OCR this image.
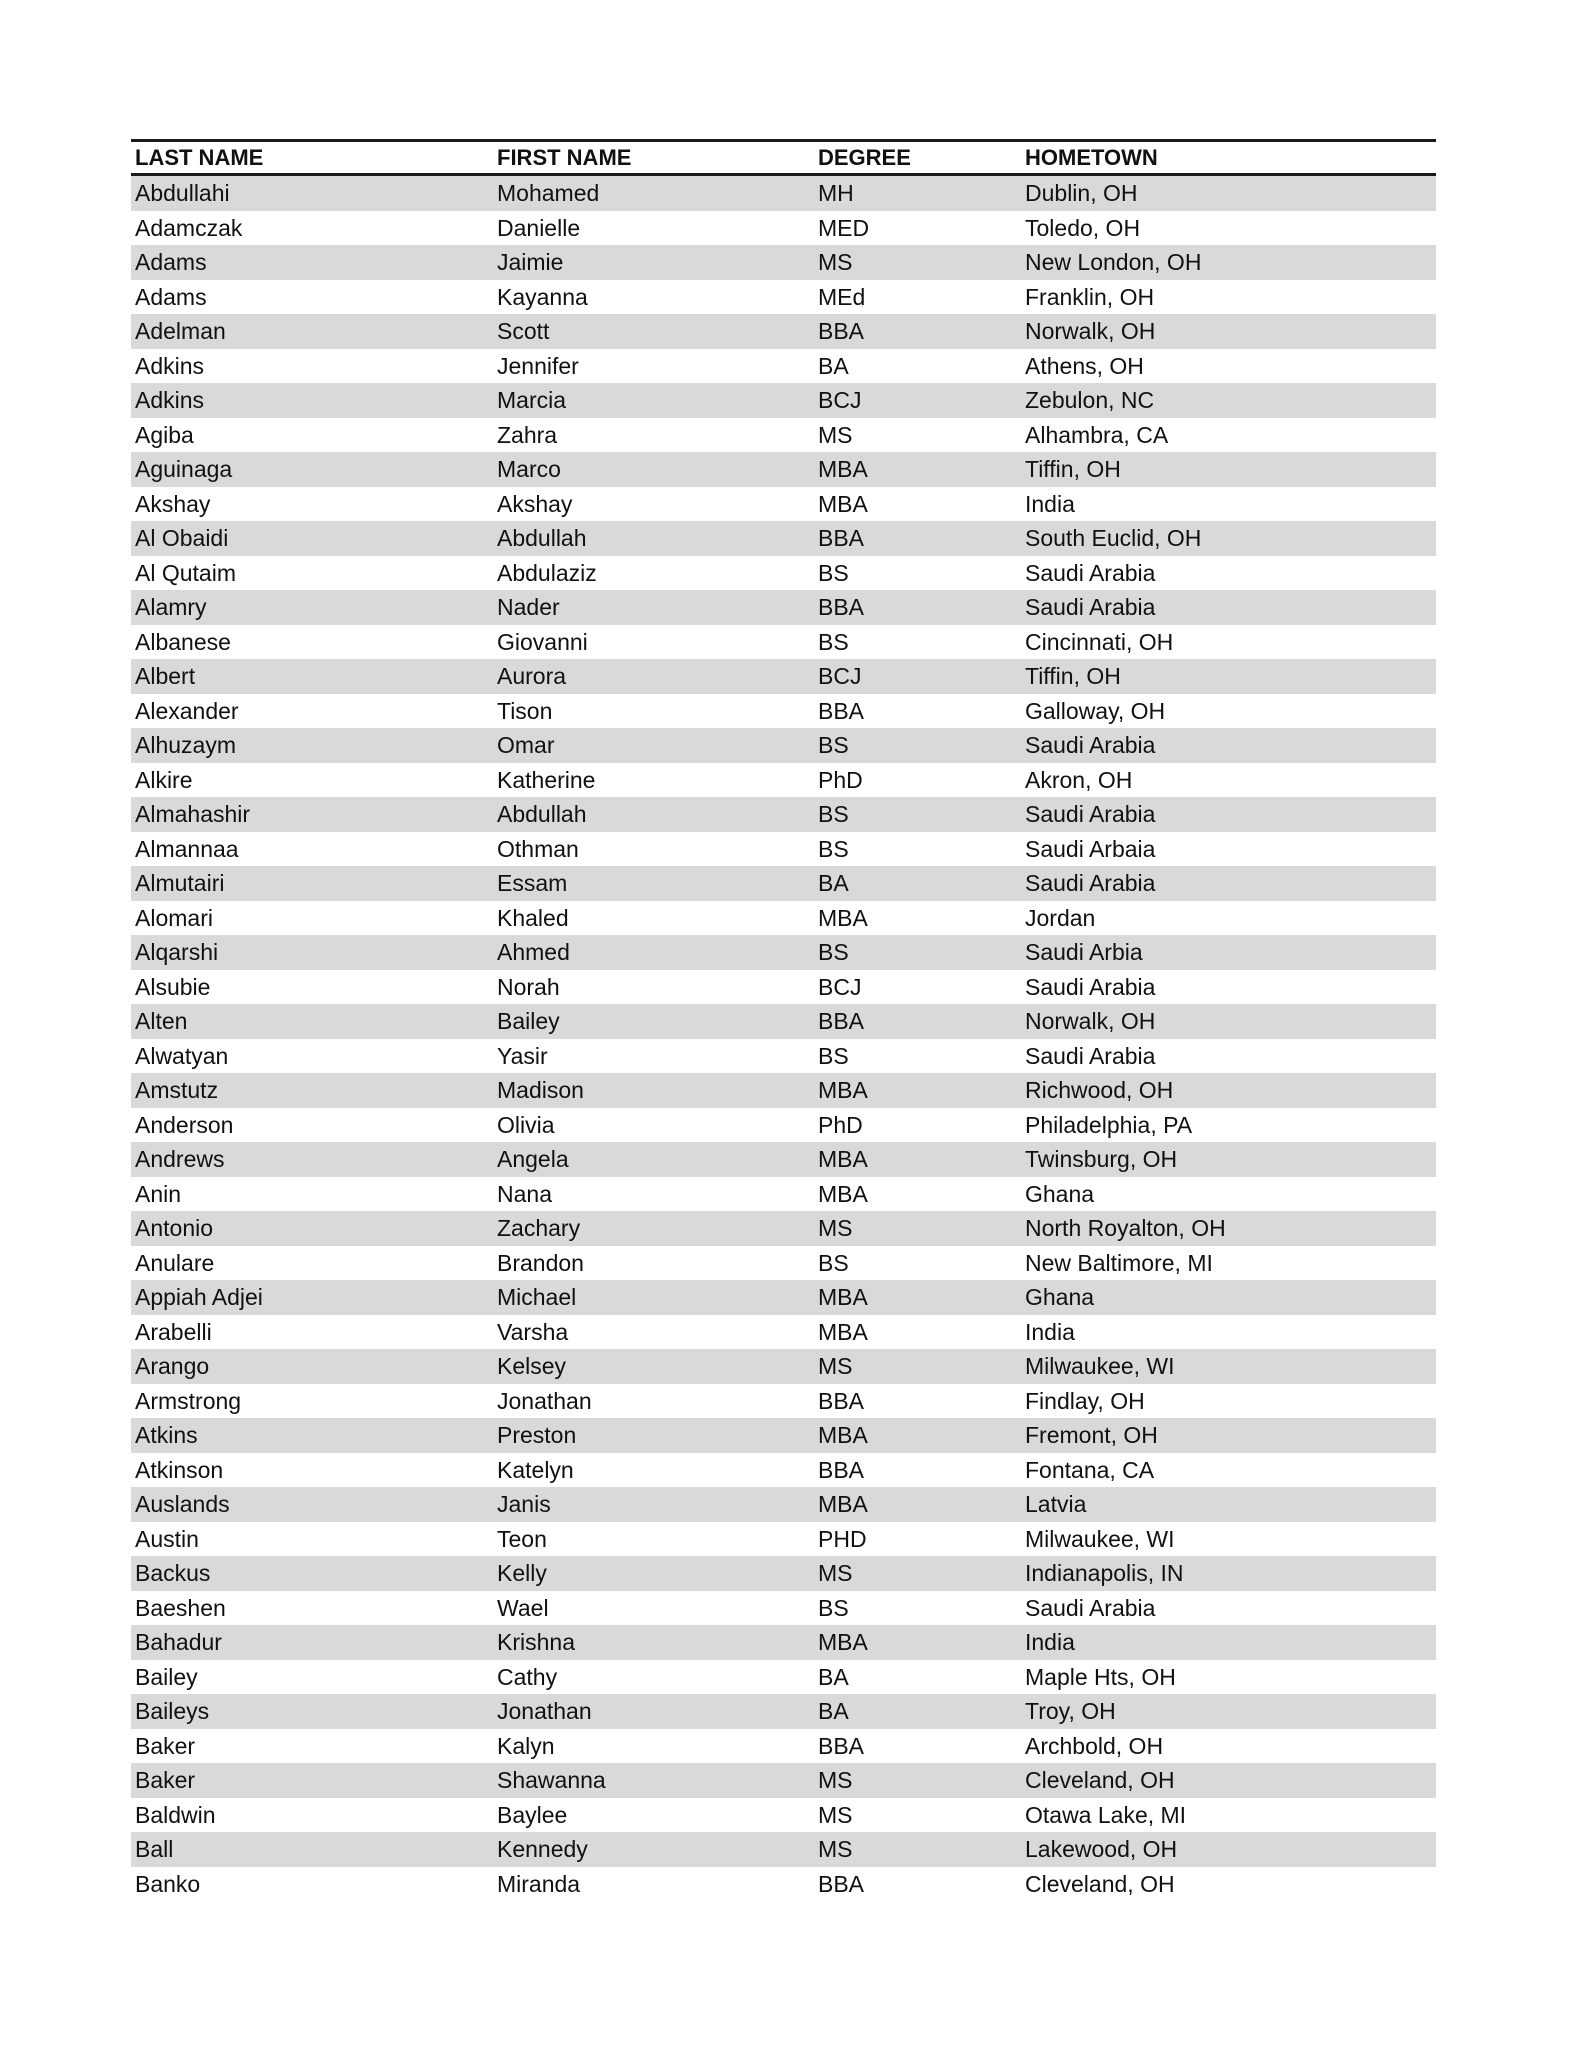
LAST NAME	FIRST NAME	DEGREE	HOMETOWN
Abdullahi	Mohamed	MH	Dublin, OH
Adamczak	Danielle	MED	Toledo, OH
Adams	Jaimie	MS	New London, OH
Adams	Kayanna	MEd	Franklin, OH
Adelman	Scott	BBA	Norwalk, OH
Adkins	Jennifer	BA	Athens, OH
Adkins	Marcia	BCJ	Zebulon, NC
Agiba	Zahra	MS	Alhambra, CA
Aguinaga	Marco	MBA	Tiffin, OH
Akshay	Akshay	MBA	India
Al Obaidi	Abdullah	BBA	South Euclid, OH
Al Qutaim	Abdulaziz	BS	Saudi Arabia
Alamry	Nader	BBA	Saudi Arabia
Albanese	Giovanni	BS	Cincinnati, OH
Albert	Aurora	BCJ	Tiffin, OH
Alexander	Tison	BBA	Galloway, OH
Alhuzaym	Omar	BS	Saudi Arabia
Alkire	Katherine	PhD	Akron, OH
Almahashir	Abdullah	BS	Saudi Arabia
Almannaa	Othman	BS	Saudi Arbaia
Almutairi	Essam	BA	Saudi Arabia
Alomari	Khaled	MBA	Jordan
Alqarshi	Ahmed	BS	Saudi Arbia
Alsubie	Norah	BCJ	Saudi Arabia
Alten	Bailey	BBA	Norwalk, OH
Alwatyan	Yasir	BS	Saudi Arabia
Amstutz	Madison	MBA	Richwood, OH
Anderson	Olivia	PhD	Philadelphia, PA
Andrews	Angela	MBA	Twinsburg, OH
Anin	Nana	MBA	Ghana
Antonio	Zachary	MS	North Royalton, OH
Anulare	Brandon	BS	New Baltimore, MI
Appiah Adjei	Michael	MBA	Ghana
Arabelli	Varsha	MBA	India
Arango	Kelsey	MS	Milwaukee, WI
Armstrong	Jonathan	BBA	Findlay, OH
Atkins	Preston	MBA	Fremont, OH
Atkinson	Katelyn	BBA	Fontana, CA
Auslands	Janis	MBA	Latvia
Austin	Teon	PHD	Milwaukee, WI
Backus	Kelly	MS	Indianapolis, IN
Baeshen	Wael	BS	Saudi Arabia
Bahadur	Krishna	MBA	India
Bailey	Cathy	BA	Maple Hts, OH
Baileys	Jonathan	BA	Troy, OH
Baker	Kalyn	BBA	Archbold, OH
Baker	Shawanna	MS	Cleveland, OH
Baldwin	Baylee	MS	Otawa Lake, MI
Ball	Kennedy	MS	Lakewood, OH
Banko	Miranda	BBA	Cleveland, OH
